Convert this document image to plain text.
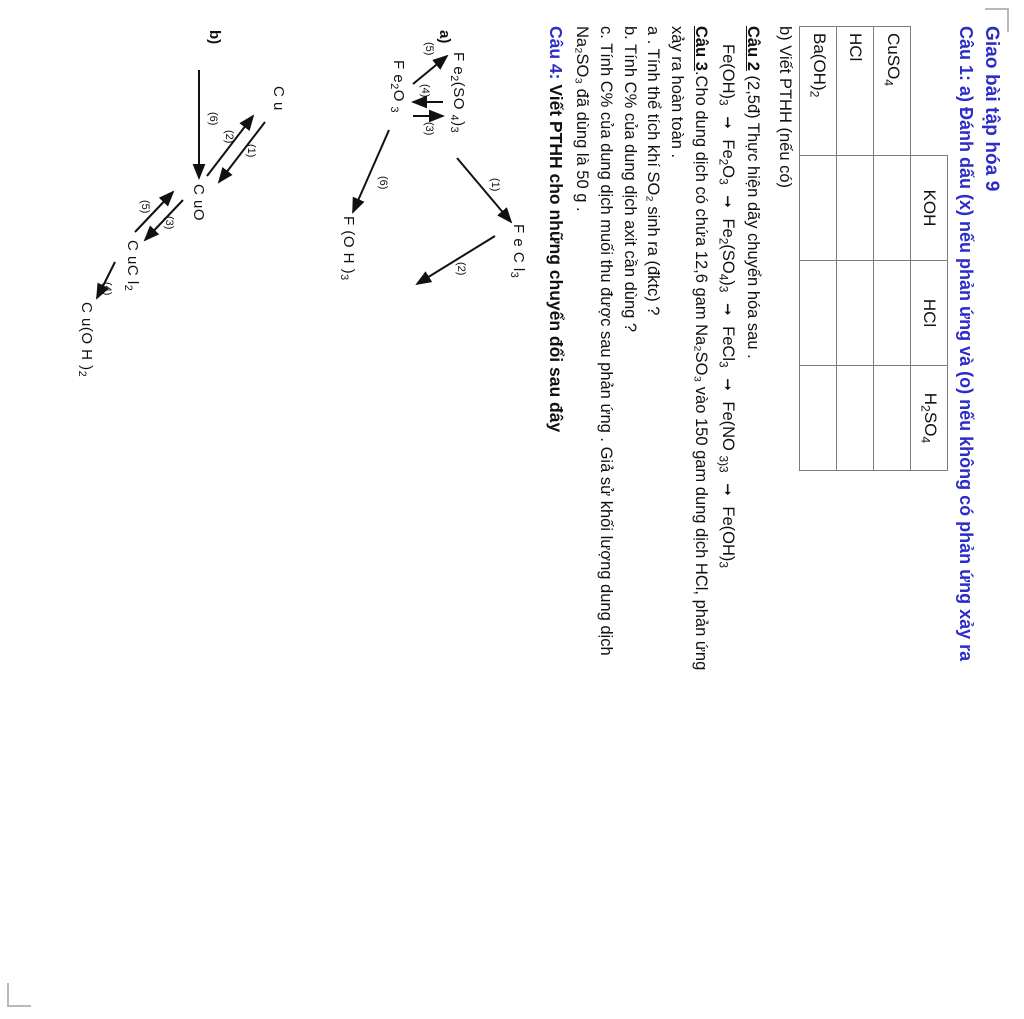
Giao bài tập hóa 9
Câu 1: a) Đánh dấu (x) nếu phản ứng và (o) nếu không có phản ứng xảy ra
	KOH	HCl	$H_2SO_4$
CuSO$_4$			
HCl			
$Ba(OH)_2$			
b) Viết PTHH (nếu có)
Câu 2 (2,5đ) Thực hiện dãy chuyển hóa sau .
$Fe(OH)_3$ ➞ $Fe_2O_3$ ➞ $Fe_2(SO_4)_3$ ➞ FeCl$_3$ ➞ Fe(NO $_{3)3}$ ➞ $Fe(OH)_3$
Câu 3.Cho dung dịch có chứa 12,6 gam Na₂SO₃ vào 150 gam dung dịch HCl, phản ứng
xảy ra hoàn toàn .
a . Tính thể tích khí SO₂ sinh ra (đktc) ?
b. Tính C% của dung dịch axit cần dùng ?
c. Tính C% của dung dịch muối thu được sau phản ứng . Giả sử khối lượng dung dịch
Na₂SO₃ đã dùng là 50 g .
Câu 4: Viết PTHH cho những chuyển đổi sau đây
a)
F $e_2(SO$ $_4)_3$
F $e_2O$ $_3$
F e C $l_3$
F (O H )$_3$
(1)
(2)
(3)
(4)
(5)
(6)
b)
C u
C uO
C uC $l_2$
C u(O H )$_2$
(1)
(2)
(3)
(4)
(5)
(6)
